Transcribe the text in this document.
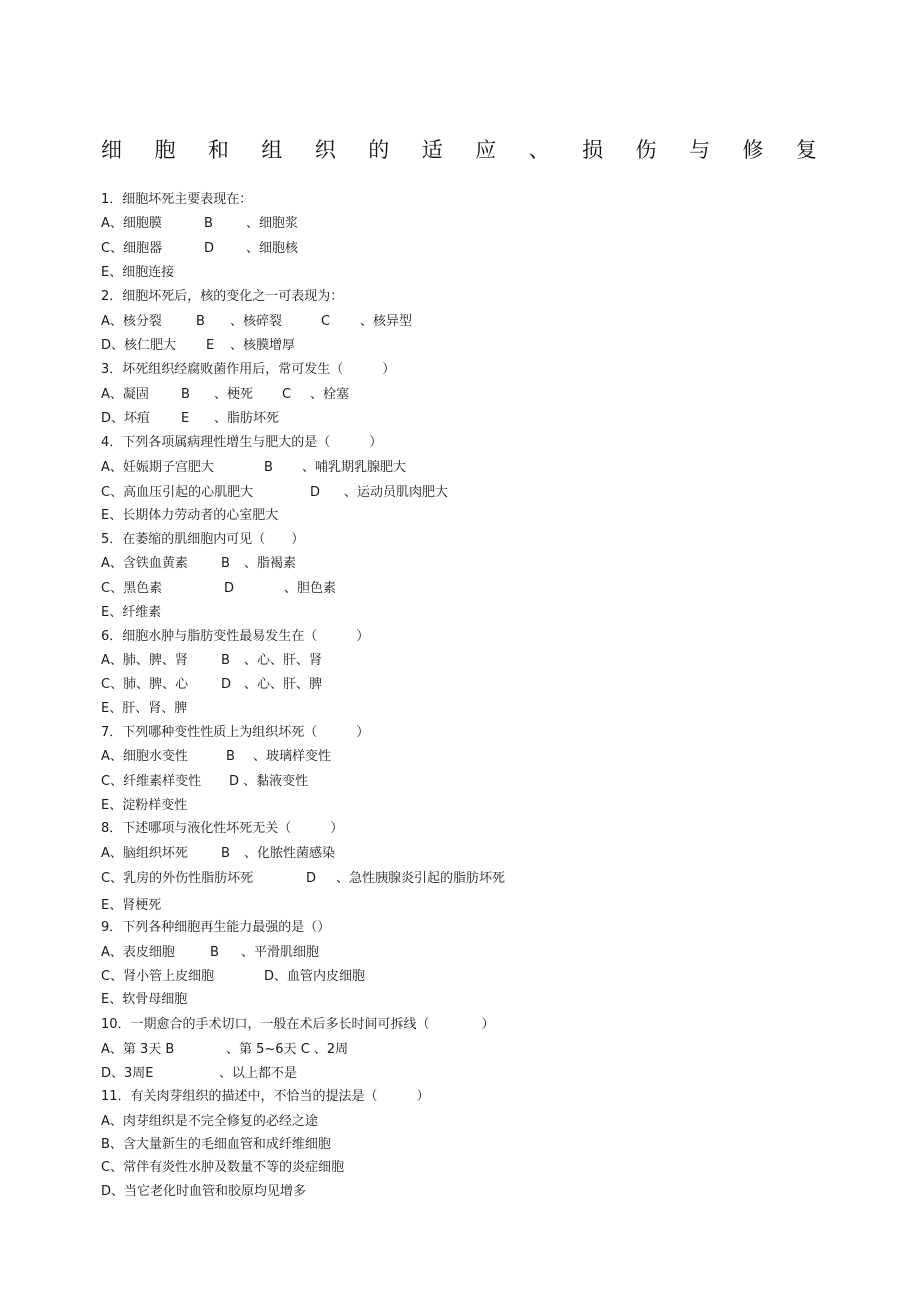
细 胞 和 组 织 的 适 应 、 损 伤 与 修 复
1．细胞坏死主要表现在：
A、细胞膜	B	、细胞浆
C、细胞器	D 、细胞核
E、细胞连接
2．细胞坏死后，核的变化之一可表现为：
A、核分裂	B 、核碎裂	C 、核异型
D、核仁肥大 E 、核膜增厚
3．坏死组织经腐败菌作用后，常可发生（　　　）
A、凝固 B 、梗死 C 、栓塞
D、坏疽 E 、脂肪坏死
4．下列各项属病理性增生与肥大的是（　　　）
A、妊娠期子宫肥大	B 、哺乳期乳腺肥大
C、高血压引起的心肌肥大	D 、运动员肌肉肥大
E、长期体力劳动者的心室肥大
5．在萎缩的肌细胞内可见（　　）
A、含铁血黄素	B 、脂褐素
C、黑色素	D	、胆色素
E、纤维素
6．细胞水肿与脂肪变性最易发生在（　　　）
A、肺、脾、肾	B 、心、肝、肾
C、肺、脾、心	D 、心、肝、脾
E、肝、肾、脾
7．下列哪种变性性质上为组织坏死（　　　）
A、细胞水变性	B 、玻璃样变性
C、纤维素样变性 D 、黏液变性
E、淀粉样变性
8．下述哪项与液化性坏死无关（　　　）
A、脑组织坏死	B 、化脓性菌感染
C、乳房的外伤性脂肪坏死	D 、急性胰腺炎引起的脂肪坏死
E、肾梗死
9．下列各种细胞再生能力最强的是（）
A、表皮细胞	B 、平滑肌细胞
C、肾小管上皮细胞	D、血管内皮细胞
E、软骨母细胞
10．一期愈合的手术切口，一般在术后多长时间可拆线（　　　　）
A、第 3天 B	、第 5~6天 C 、2周
D、3周E	、以上都不是
11．有关肉芽组织的描述中，不恰当的提法是（　　　）
A、肉芽组织是不完全修复的必经之途
B、含大量新生的毛细血管和成纤维细胞
C、常伴有炎性水肿及数量不等的炎症细胞
D、当它老化时血管和胶原均见增多
